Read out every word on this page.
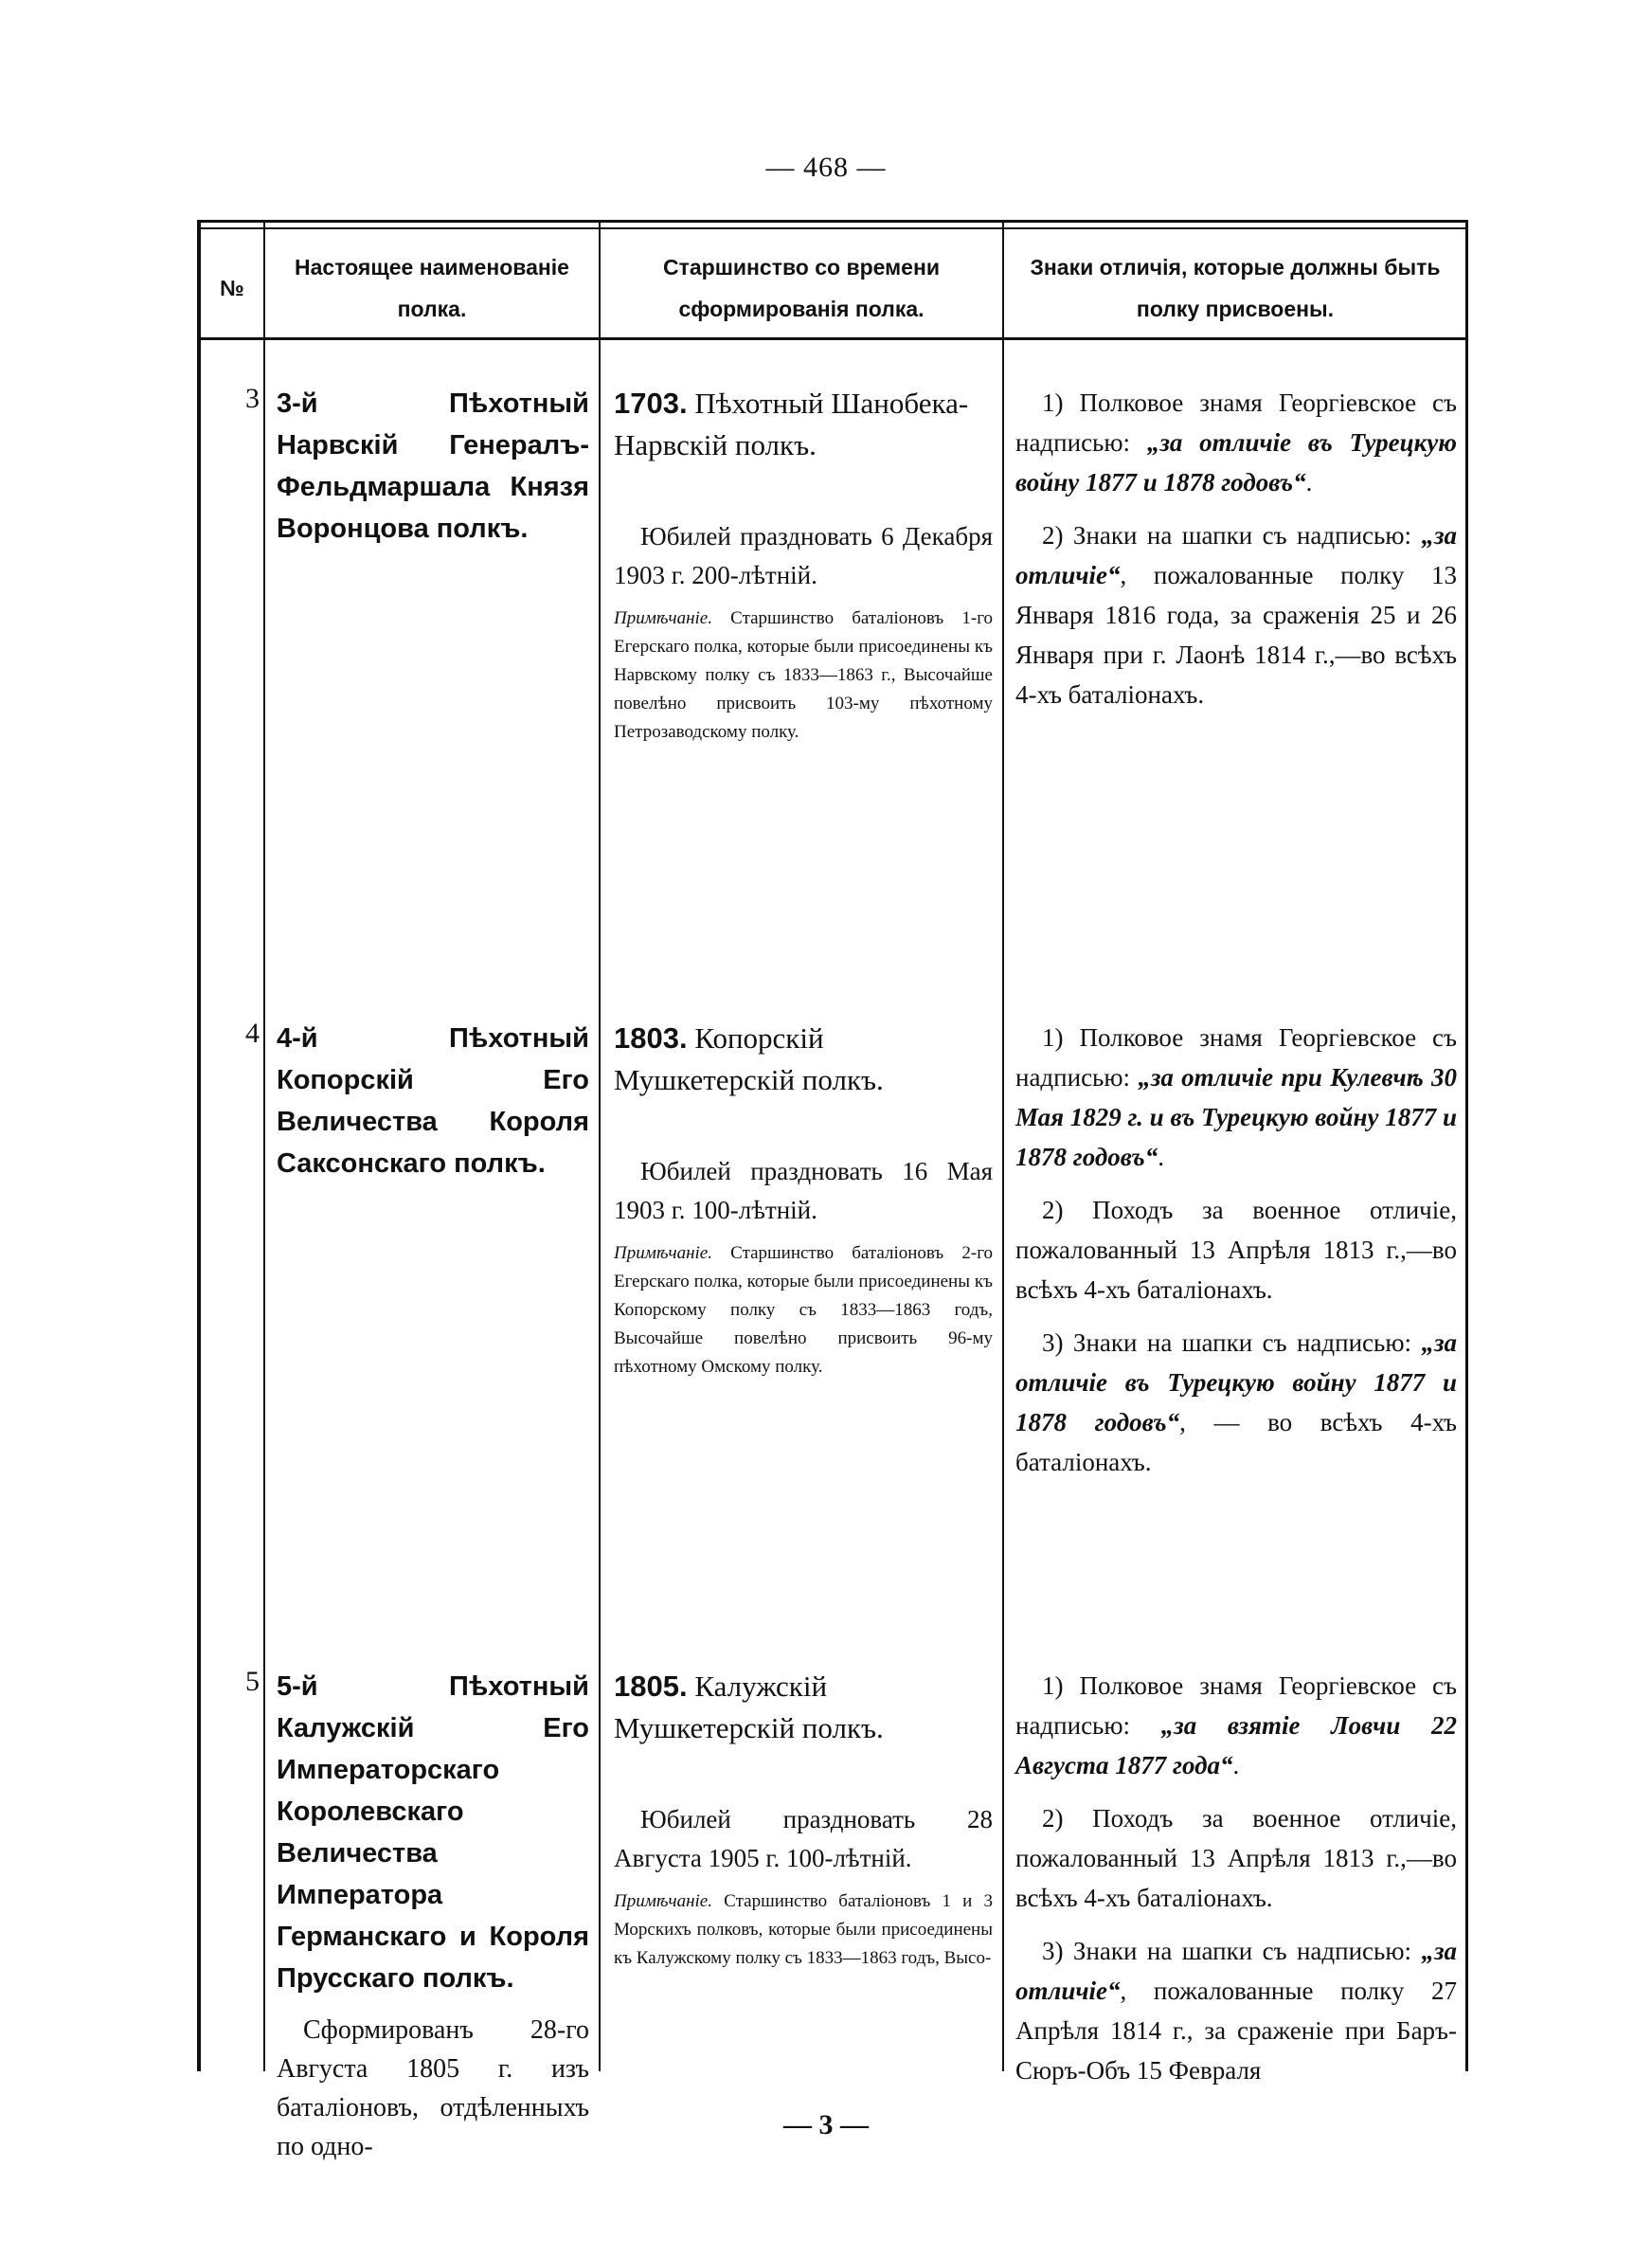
— 468 —
№
Настоящее наименованіе полка.
Старшинство со времени сформированія полка.
Знаки отличія, которые должны быть полку присвоены.
3 3-й Пѣхотный Нарвскій Генералъ-Фельдмаршала Князя Воронцова полкъ.
1703. Пѣхотный Шанобека-Нарвскій полкъ.
Юбилей праздновать 6 Декабря 1903 г. 200-лѣтній.
Примѣчаніе. Старшинство баталіоновъ 1-го Егерскаго полка, которые были присоединены къ Нарвскому полку съ 1833—1863 г., Высочайше повелѣно присвоить 103-му пѣхотному Петрозаводскому полку.

1) Полковое знамя Георгіевское съ надписью: „за отличіе въ Турецкую войну 1877 и 1878 годовъ“.

2) Знаки на шапки съ надписью: „за отличіе“, пожалованные полку 13 Января 1816 года, за сраженія 25 и 26 Января при г. Лаонѣ 1814 г.,—во всѣхъ 4-хъ баталіонахъ.

4 4-й Пѣхотный Копорскій Его Величества Короля Саксонскаго полкъ.
1803. Копорскій Мушкетерскій полкъ.
Юбилей праздновать 16 Мая 1903 г. 100-лѣтній.
Примѣчаніе. Старшинство баталіоновъ 2-го Егерскаго полка, которые были присоединены къ Копорскому полку съ 1833—1863 годъ, Высочайше повелѣно присвоить 96-му пѣхотному Омскому полку.

1) Полковое знамя Георгіевское съ надписью: „за отличіе при Кулевчѣ 30 Мая 1829 г. и въ Турецкую войну 1877 и 1878 годовъ“.

2) Походъ за военное отличіе, пожалованный 13 Апрѣля 1813 г.,—во всѣхъ 4-хъ баталіонахъ.

3) Знаки на шапки съ надписью: „за отличіе въ Турецкую войну 1877 и 1878 годовъ“, — во всѣхъ 4-хъ баталіонахъ.

5 5-й Пѣхотный Калужскій Его Императорскаго Королевскаго Величества Императора Германскаго и Короля Прусскаго полкъ.
Сформированъ 28-го Августа 1805 г. изъ баталіоновъ, отдѣленныхъ по одно-
1805. Калужскій Мушкетерскій полкъ.
Юбилей праздновать 28 Августа 1905 г. 100-лѣтній.
Примѣчаніе. Старшинство баталіоновъ 1 и 3 Морскихъ полковъ, которые были присоединены къ Калужскому полку съ 1833—1863 годъ, Высо-

1) Полковое знамя Георгіевское съ надписью: „за взятіе Ловчи 22 Августа 1877 года“.

2) Походъ за военное отличіе, пожалованный 13 Апрѣля 1813 г.,—во всѣхъ 4-хъ баталіонахъ.

3) Знаки на шапки съ надписью: „за отличіе“, пожалованные полку 27 Апрѣля 1814 г., за сраженіе при Баръ-Сюръ-Объ 15 Февраля

— 3 —
